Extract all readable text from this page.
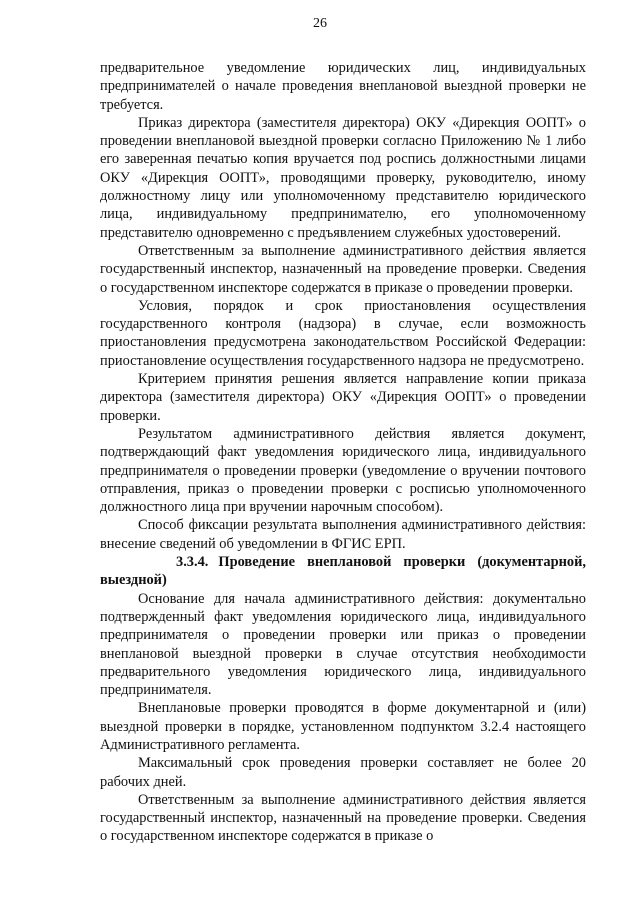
26

предварительное уведомление юридических лиц, индивидуальных предпринимателей о начале проведения внеплановой выездной проверки не требуется.

Приказ директора (заместителя директора) ОКУ «Дирекция ООПТ» о проведении внеплановой выездной проверки согласно Приложению № 1 либо его заверенная печатью копия вручается под роспись должностными лицами ОКУ «Дирекция ООПТ», проводящими проверку, руководителю, иному должностному лицу или уполномоченному представителю юридического лица, индивидуальному предпринимателю, его уполномоченному представителю одновременно с предъявлением служебных удостоверений.

Ответственным за выполнение административного действия является государственный инспектор, назначенный на проведение проверки. Сведения о государственном инспекторе содержатся в приказе о проведении проверки.

Условия, порядок и срок приостановления осуществления государственного контроля (надзора) в случае, если возможность приостановления предусмотрена законодательством Российской Федерации: приостановление осуществления государственного надзора не предусмотрено.

Критерием принятия решения является направление копии приказа директора (заместителя директора) ОКУ «Дирекция ООПТ» о проведении проверки.

Результатом административного действия является документ, подтверждающий факт уведомления юридического лица, индивидуального предпринимателя о проведении проверки (уведомление о вручении почтового отправления, приказ о проведении проверки с росписью уполномоченного должностного лица при вручении нарочным способом).

Способ фиксации результата выполнения административного действия: внесение сведений об уведомлении в ФГИС ЕРП.

3.3.4. Проведение внеплановой проверки (документарной, выездной)

Основание для начала административного действия: документально подтвержденный факт уведомления юридического лица, индивидуального предпринимателя о проведении проверки или приказ о проведении внеплановой выездной проверки в случае отсутствия необходимости предварительного уведомления юридического лица, индивидуального предпринимателя.

Внеплановые проверки проводятся в форме документарной и (или) выездной проверки в порядке, установленном подпунктом 3.2.4 настоящего Административного регламента.

Максимальный срок проведения проверки составляет не более 20 рабочих дней.

Ответственным за выполнение административного действия является государственный инспектор, назначенный на проведение проверки. Сведения о государственном инспекторе содержатся в приказе о
